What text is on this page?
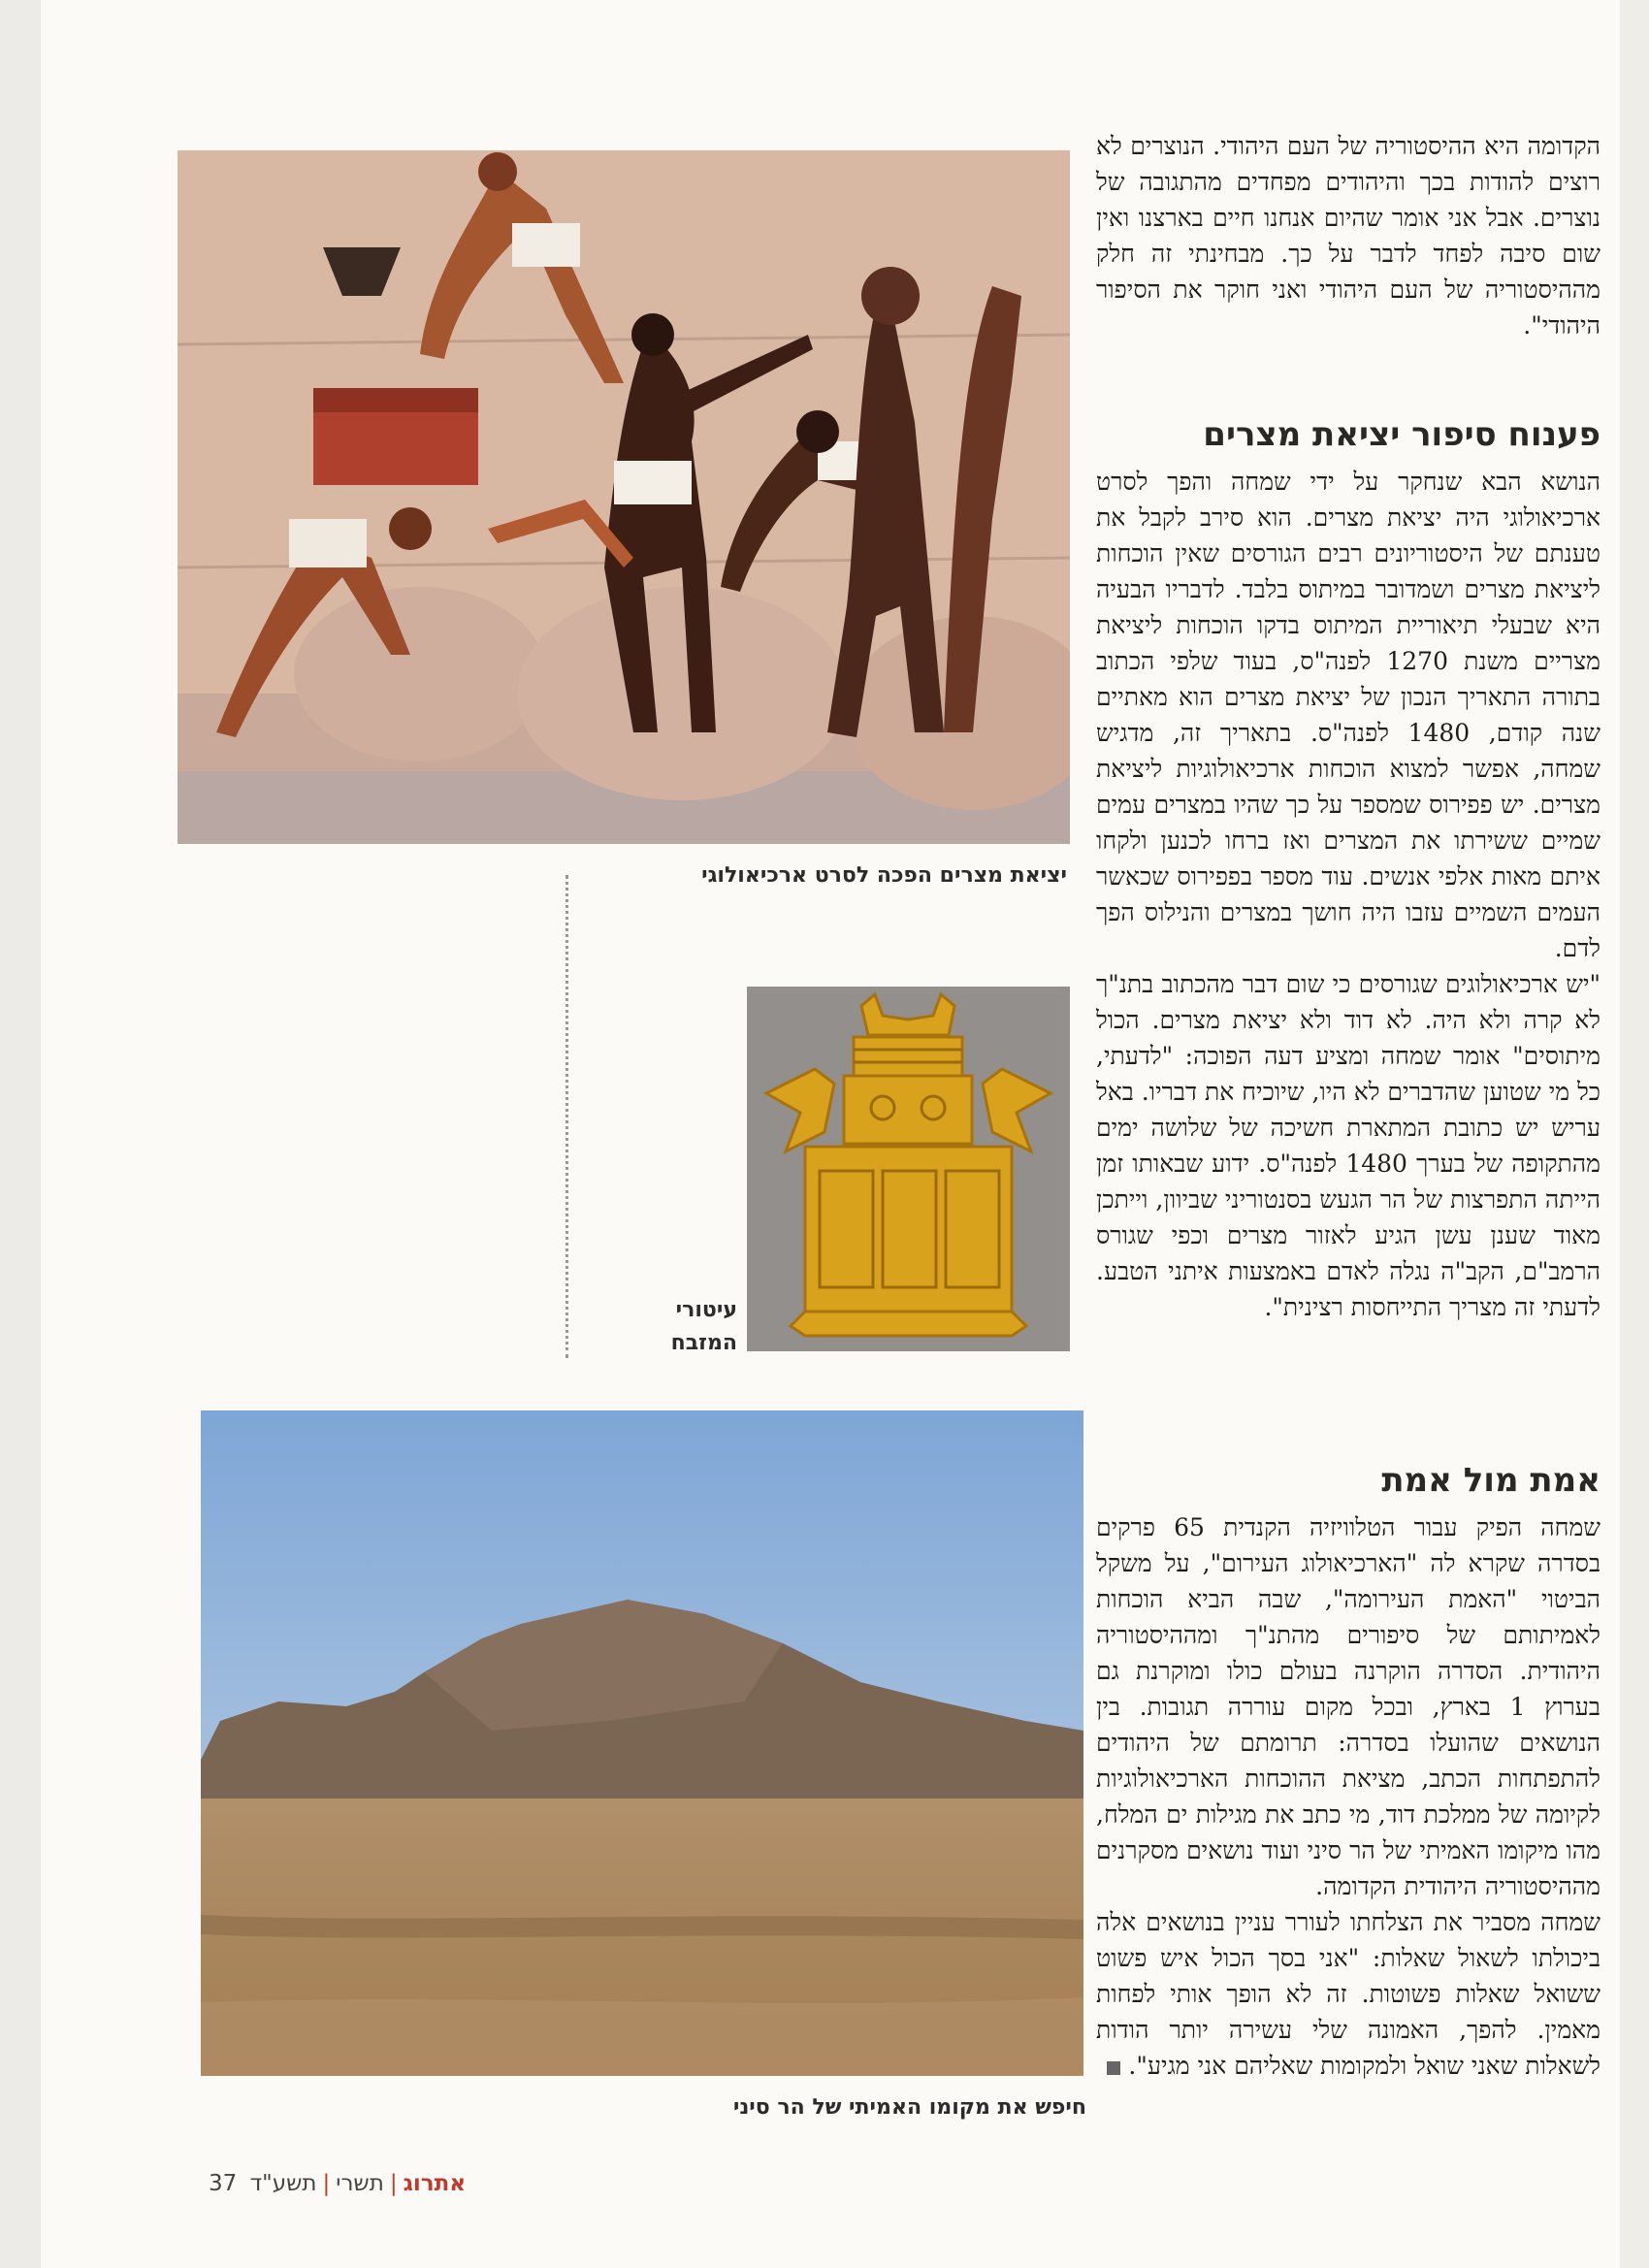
הקדומה היא ההיסטוריה של העם היהודי. הנוצרים לא רוצים להודות בכך והיהודים מפחדים מהתגובה של נוצרים. אבל אני אומר שהיום אנחנו חיים בארצנו ואין שום סיבה לפחד לדבר על כך. מבחינתי זה חלק מההיסטוריה של העם היהודי ואני חוקר את הסיפור היהודי".

פענוח סיפור יציאת מצרים

הנושא הבא שנחקר על ידי שמחה והפך לסרט ארכיאולוגי היה יציאת מצרים. הוא סירב לקבל את טענתם של היסטוריונים רבים הגורסים שאין הוכחות ליציאת מצרים ושמדובר במיתוס בלבד. לדבריו הבעיה היא שבעלי תיאוריית המיתוס בדקו הוכחות ליציאת מצריים משנת 1270 לפנה"ס, בעוד שלפי הכתוב בתורה התאריך הנכון של יציאת מצרים הוא מאתיים שנה קודם, 1480 לפנה"ס. בתאריך זה, מדגיש שמחה, אפשר למצוא הוכחות ארכיאולוגיות ליציאת מצרים. יש פפירוס שמספר על כך שהיו במצרים עמים שמיים ששירתו את המצרים ואז ברחו לכנען ולקחו איתם מאות אלפי אנשים. עוד מספר בפפירוס שכאשר העמים השמיים עזבו היה חושך במצרים והנילוס הפך לדם.

"יש ארכיאולוגים שגורסים כי שום דבר מהכתוב בתנ"ך לא קרה ולא היה. לא דוד ולא יציאת מצרים. הכול מיתוסים" אומר שמחה ומציע דעה הפוכה: "לדעתי, כל מי שטוען שהדברים לא היו, שיוכיח את דבריו. באל עריש יש כתובת המתארת חשיכה של שלושה ימים מהתקופה של בערך 1480 לפנה"ס. ידוע שבאותו זמן הייתה התפרצות של הר הגעש בסנטוריני שביוון, וייתכן מאוד שענן עשן הגיע לאזור מצרים וכפי שגורס הרמב"ם, הקב"ה נגלה לאדם באמצעות איתני הטבע. לדעתי זה מצריך התייחסות רצינית".

אמת מול אמת

שמחה הפיק עבור הטלוויזיה הקנדית 65 פרקים בסדרה שקרא לה "הארכיאולוג העירום", על משקל הביטוי "האמת העירומה", שבה הביא הוכחות לאמיתותם של סיפורים מהתנ"ך ומההיסטוריה היהודית. הסדרה הוקרנה בעולם כולו ומוקרנת גם בערוץ 1 בארץ, ובכל מקום עוררה תגובות. בין הנושאים שהועלו בסדרה: תרומתם של היהודים להתפתחות הכתב, מציאת ההוכחות הארכיאולוגיות לקיומה של ממלכת דוד, מי כתב את מגילות ים המלח, מהו מיקומו האמיתי של הר סיני ועוד נושאים מסקרנים מההיסטוריה היהודית הקדומה.

שמחה מסביר את הצלחתו לעורר עניין בנושאים אלה ביכולתו לשאול שאלות: "אני בסך הכול איש פשוט ששואל שאלות פשוטות. זה לא הופך אותי לפחות מאמין. להפך, האמונה שלי עשירה יותר הודות לשאלות שאני שואל ולמקומות שאליהם אני מגיע".

יציאת מצרים הפכה לסרט ארכיאולוגי
עיטורי
המזבח
חיפש את מקומו האמיתי של הר סיני
אתרוג|תשרי|תשע"ד 37
